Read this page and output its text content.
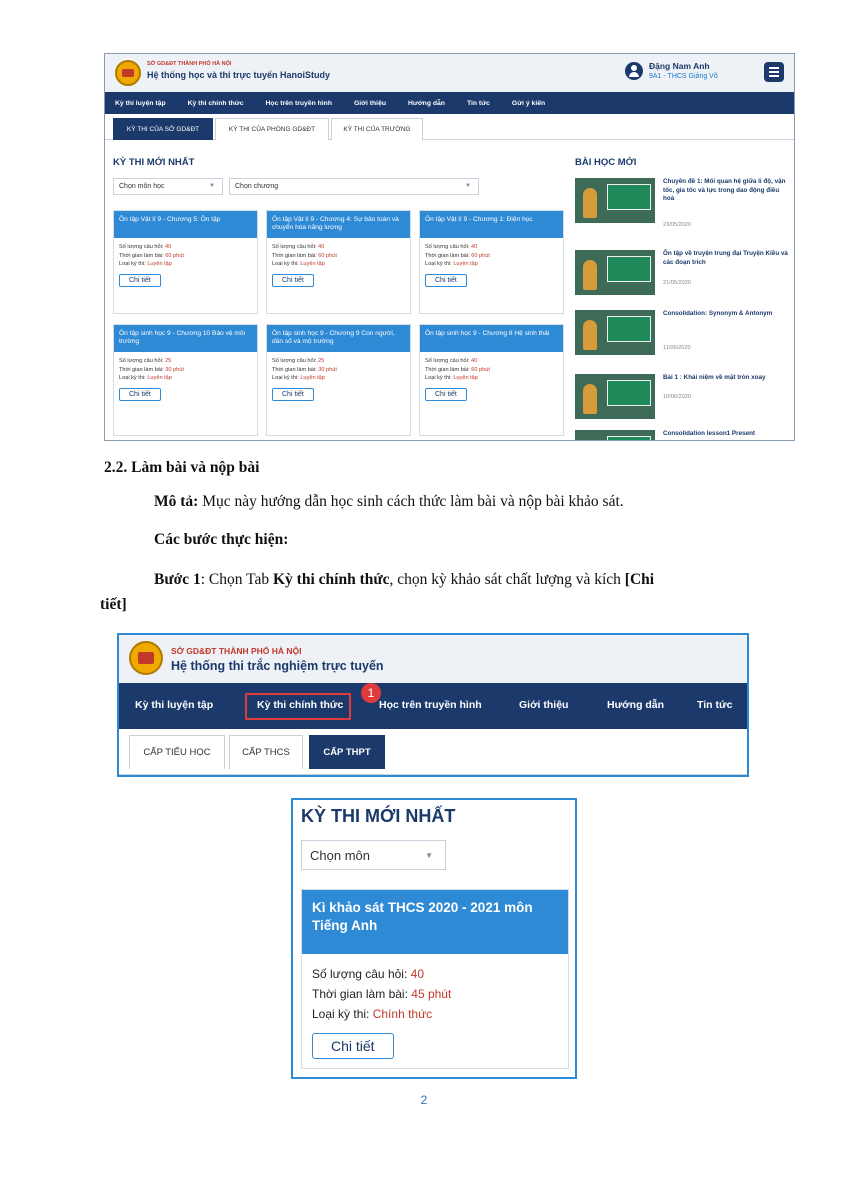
SỞ GD&ĐT THÀNH PHỐ HÀ NỘI
Hệ thống học và thi trực tuyến HanoiStudy
Đặng Nam Anh
9A1 - THCS Giảng Võ
Kỳ thi luyện tập	Kỳ thi chính thức	Học trên truyền hình	Giới thiệu	Hướng dẫn	Tin tức	Gửi ý kiến
KỲ THI CỦA SỞ GD&ĐT	KỲ THI CỦA PHÒNG GD&ĐT	KỲ THI CỦA TRƯỜNG
KỲ THI MỚI NHẤT	BÀI HỌC MỚI
Chọn môn học	▼	Chọn chương	▼
Ôn tập Vật lí 9 - Chương 5: Ôn tập
Số lượng câu hỏi: 40
Thời gian làm bài: 60 phút
Loại kỳ thi: Luyện tập
Chi tiết
Ôn tập Vật lí 9 - Chương 4: Sự bảo toàn và chuyển hóa năng lượng
Số lượng câu hỏi: 40
Thời gian làm bài: 60 phút
Loại kỳ thi: Luyện tập
Chi tiết
Ôn tập Vật lí 9 - Chương 1: Điện học
Số lượng câu hỏi: 40
Thời gian làm bài: 60 phút
Loại kỳ thi: Luyện tập
Chi tiết
Ôn tập sinh học 9 - Chương 10 Bảo vệ môi trường
Số lượng câu hỏi: 25
Thời gian làm bài: 30 phút
Loại kỳ thi: Luyện tập
Chi tiết
Ôn tập sinh học 9 - Chương 9 Con người, dân số và mộ trường
Số lượng câu hỏi: 25
Thời gian làm bài: 30 phút
Loại kỳ thi: Luyện tập
Chi tiết
Ôn tập sinh học 9 - Chương 8 Hệ sinh thái
Số lượng câu hỏi: 40
Thời gian làm bài: 60 phút
Loại kỳ thi: Luyện tập
Chi tiết
Chuyên đề 1: Mối quan hệ giữa li độ, vận tốc, gia tốc và lực trong dao động điều hoà
23/05/2020
Ôn tập về truyện trung đại Truyện Kiều và các đoạn trích
21/05/2020
Consolidation: Synonym & Antonym
11/06/2020
Bài 1 : Khái niệm về mặt tròn xoay
10/06/2020
Consolidation lesson1 Present
2.2. Làm bài và nộp bài
Mô tả: Mục này hướng dẫn học sinh cách thức làm bài và nộp bài khảo sát.
Các bước thực hiện:
Bước 1: Chọn Tab Kỳ thi chính thức, chọn kỳ khảo sát chất lượng và kích [Chi
tiết]
SỞ GD&ĐT THÀNH PHỐ HÀ NỘI
Hệ thống thi trắc nghiệm trực tuyến
Kỳ thi luyện tập	Kỳ thi chính thức	Học trên truyền hình	Giới thiệu	Hướng dẫn	Tin tức
1
CẤP TIỂU HỌC	CẤP THCS	CẤP THPT
KỲ THI MỚI NHẤT
Chọn môn	▼
Kì khảo sát THCS 2020 - 2021 môn Tiếng Anh
Số lượng câu hỏi: 40
Thời gian làm bài: 45 phút
Loại kỳ thi: Chính thức
Chi tiết
2
